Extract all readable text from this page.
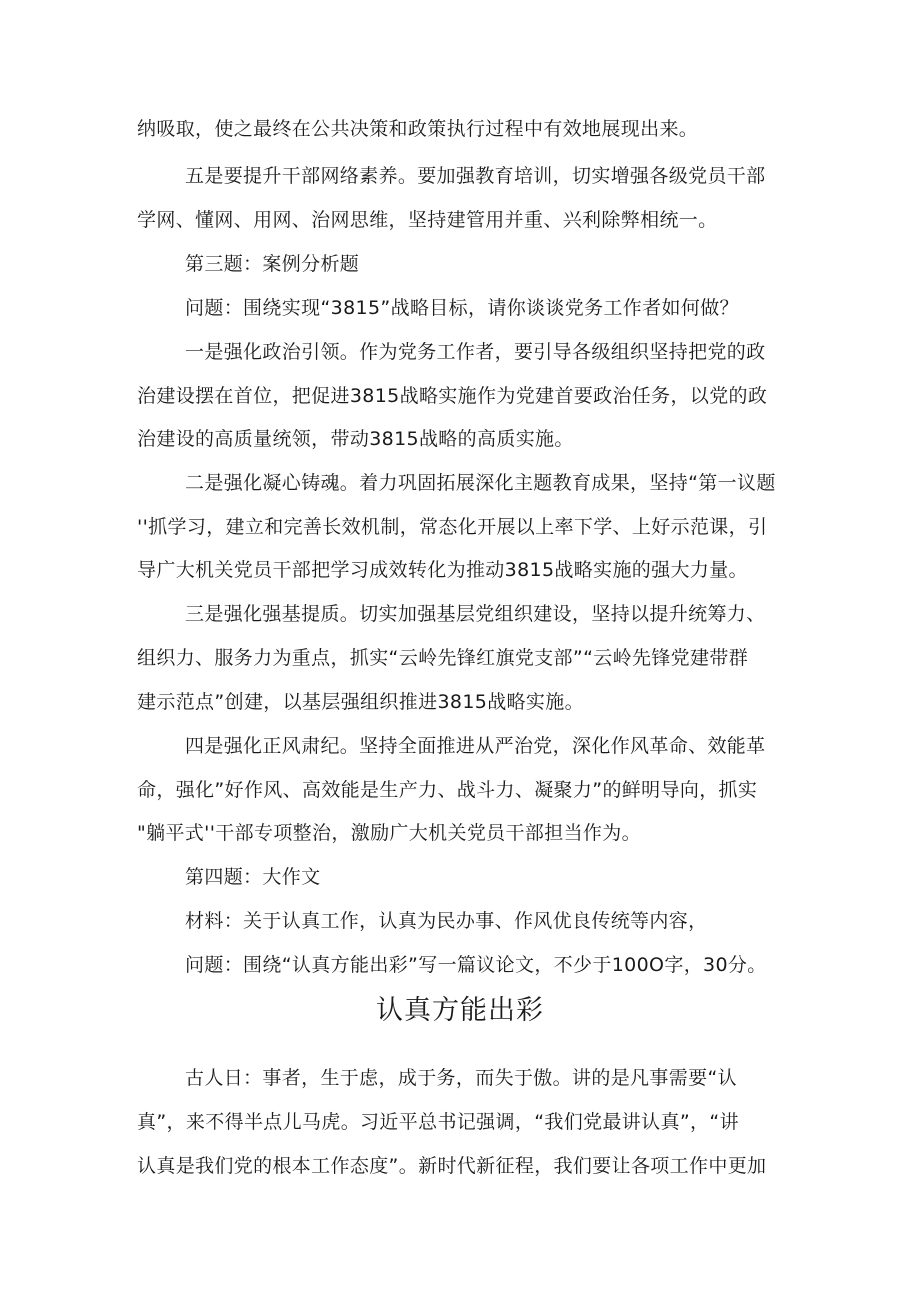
纳吸取，使之最终在公共决策和政策执行过程中有效地展现出来。
五是要提升干部网络素养。要加强教育培训，切实增强各级党员干部
学网、懂网、用网、治网思维，坚持建管用并重、兴利除弊相统一。
第三题：案例分析题
问题：围绕实现“3815”战略目标，请你谈谈党务工作者如何做？
一是强化政治引领。作为党务工作者，要引导各级组织坚持把党的政
治建设摆在首位，把促进3815战略实施作为党建首要政治任务，以党的政
治建设的高质量统领，带动3815战略的高质实施。
二是强化凝心铸魂。着力巩固拓展深化主题教育成果，坚持“第一议题
''抓学习，建立和完善长效机制，常态化开展以上率下学、上好示范课，引
导广大机关党员干部把学习成效转化为推动3815战略实施的强大力量。
三是强化强基提质。切实加强基层党组织建设，坚持以提升统筹力、
组织力、服务力为重点，抓实“云岭先锋红旗党支部”“云岭先锋党建带群
建示范点”创建，以基层强组织推进3815战略实施。
四是强化正风肃纪。坚持全面推进从严治党，深化作风革命、效能革
命，强化”好作风、高效能是生产力、战斗力、凝聚力”的鲜明导向，抓实
"躺平式''干部专项整治，激励广大机关党员干部担当作为。
第四题：大作文
材料：关于认真工作，认真为民办事、作风优良传统等内容，
问题：围绕“认真方能出彩”写一篇议论文，不少于100O字，30分。
认真方能出彩
古人日：事者，生于虑，成于务，而失于傲。讲的是凡事需要“认
真”，来不得半点儿马虎。习近平总书记强调，“我们党最讲认真”，“讲
认真是我们党的根本工作态度”。新时代新征程，我们要让各项工作中更加
